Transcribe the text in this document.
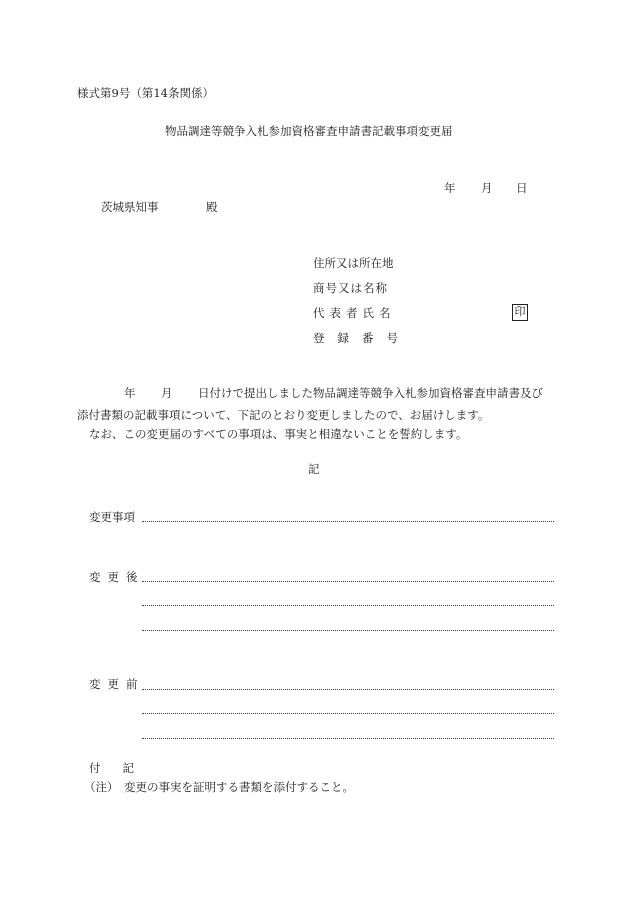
様式第9号（第14条関係）
物品調達等競争入札参加資格審査申請書記載事項変更届
年 月 日
茨城県知事	殿
住所又は所在地
商号又は名称
代表者氏名	印
登録番号
年 月 日付けで提出しました物品調達等競争入札参加資格審査申請書及び
添付書類の記載事項について、下記のとおり変更しましたので、お届けします。
なお、この変更届のすべての事項は、事実と相違ないことを誓約します。
記
変更事項
変更後
変更前
付記
（注） 変更の事実を証明する書類を添付すること。
